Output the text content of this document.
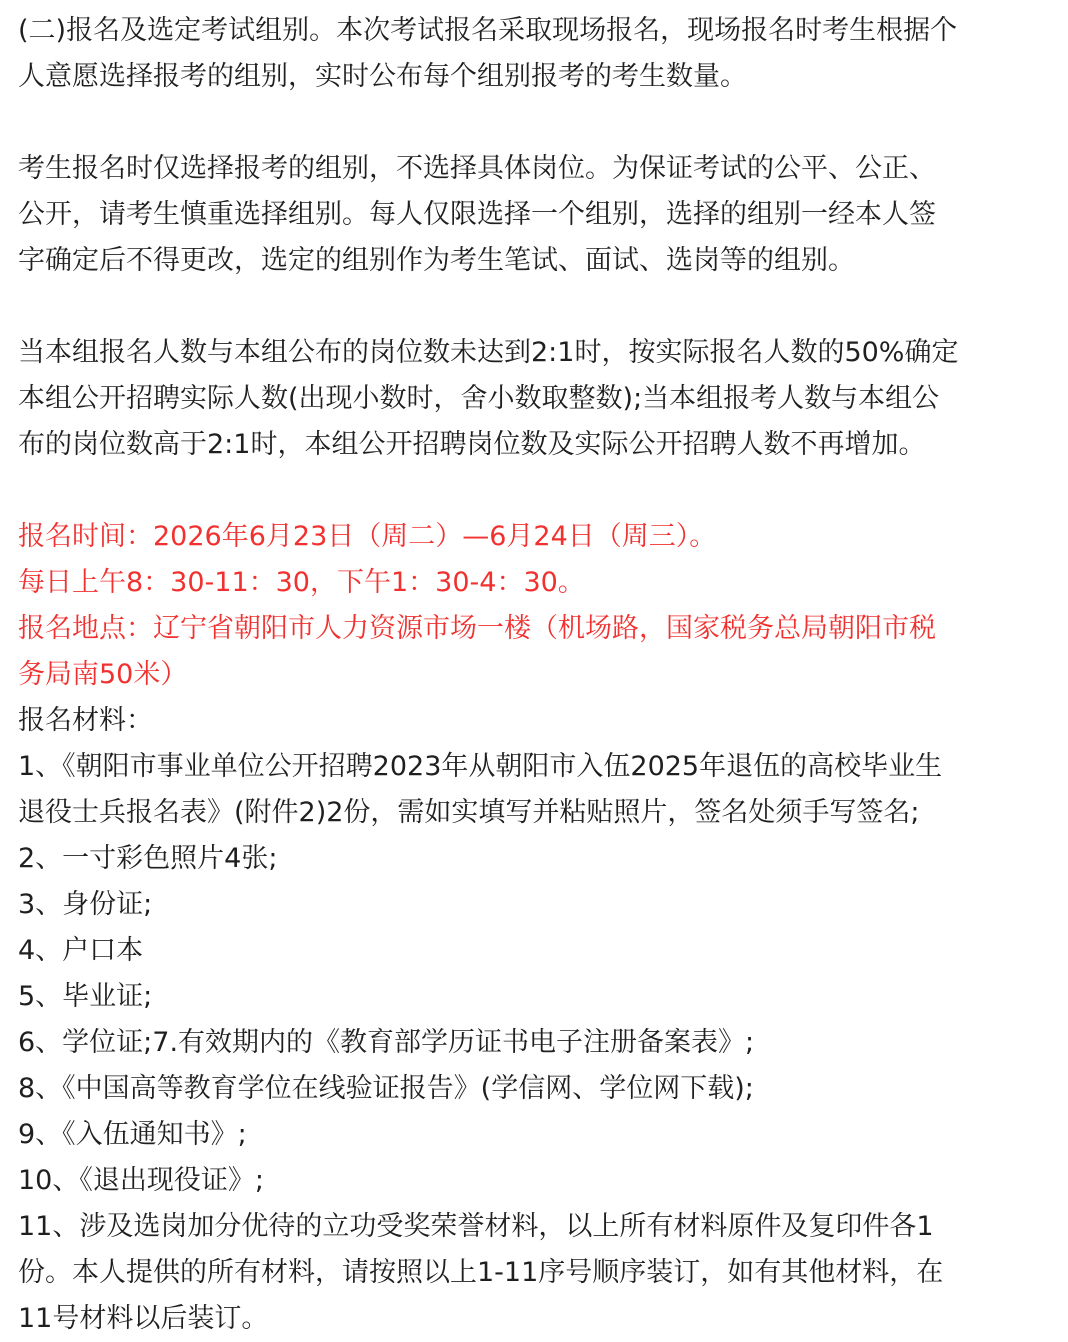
(二)报名及选定考试组别。本次考试报名采取现场报名，现场报名时考生根据个
人意愿选择报考的组别，实时公布每个组别报考的考生数量。
考生报名时仅选择报考的组别，不选择具体岗位。为保证考试的公平、公正、
公开，请考生慎重选择组别。每人仅限选择一个组别，选择的组别一经本人签
字确定后不得更改，选定的组别作为考生笔试、面试、选岗等的组别。
当本组报名人数与本组公布的岗位数未达到2:1时，按实际报名人数的50%确定
本组公开招聘实际人数(出现小数时，舍小数取整数);当本组报考人数与本组公
布的岗位数高于2:1时，本组公开招聘岗位数及实际公开招聘人数不再增加。
报名时间：2026年6月23日（周二）—6月24日（周三）。
每日上午8：30-11：30，下午1：30-4：30。
报名地点：辽宁省朝阳市人力资源市场一楼（机场路，国家税务总局朝阳市税
务局南50米）
报名材料：
1、《朝阳市事业单位公开招聘2023年从朝阳市入伍2025年退伍的高校毕业生
退役士兵报名表》(附件2)2份，需如实填写并粘贴照片，签名处须手写签名;
2、一寸彩色照片4张;
3、身份证;
4、户口本
5、毕业证;
6、学位证;7.有效期内的《教育部学历证书电子注册备案表》;
8、《中国高等教育学位在线验证报告》(学信网、学位网下载);
9、《入伍通知书》;
10、《退出现役证》;
11、涉及选岗加分优待的立功受奖荣誉材料，以上所有材料原件及复印件各1
份。本人提供的所有材料，请按照以上1-11序号顺序装订，如有其他材料，在
11号材料以后装订。
